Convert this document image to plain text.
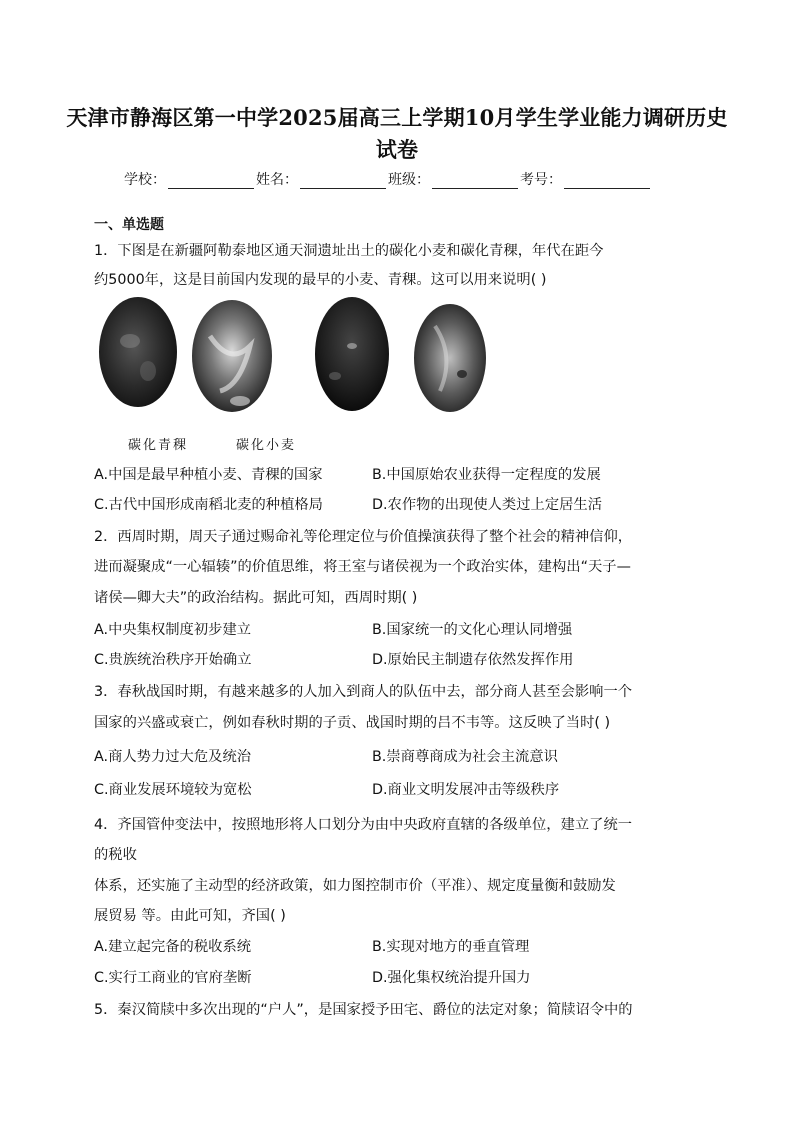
天津市静海区第一中学2025届高三上学期10月学生学业能力调研历史
试卷
学校：	姓名：	班级：	考号：
一、单选题
1．下图是在新疆阿勒泰地区通天洞遗址出土的碳化小麦和碳化青稞，年代在距今
约5000年，这是目前国内发现的最早的小麦、青稞。这可以用来说明( )
碳化青稞	碳化小麦
A.中国是最早种植小麦、青稞的国家	B.中国原始农业获得一定程度的发展
C.古代中国形成南稻北麦的种植格局	D.农作物的出现使人类过上定居生活
2．西周时期，周天子通过赐命礼等伦理定位与价值操演获得了整个社会的精神信仰，
进而凝聚成“一心辐辏”的价值思维，将王室与诸侯视为一个政治实体，建构出“天子—
诸侯—卿大夫”的政治结构。据此可知，西周时期( )
A.中央集权制度初步建立	B.国家统一的文化心理认同增强
C.贵族统治秩序开始确立	D.原始民主制遗存依然发挥作用
3．春秋战国时期，有越来越多的人加入到商人的队伍中去，部分商人甚至会影响一个
国家的兴盛或衰亡，例如春秋时期的子贡、战国时期的吕不韦等。这反映了当时( )
A.商人势力过大危及统治	B.崇商尊商成为社会主流意识
C.商业发展环境较为宽松	D.商业文明发展冲击等级秩序
4．齐国管仲变法中，按照地形将人口划分为由中央政府直辖的各级单位，建立了统一
的税收
体系，还实施了主动型的经济政策，如力图控制市价（平准）、规定度量衡和鼓励发
展贸易 等。由此可知，齐国( )
A.建立起完备的税收系统	B.实现对地方的垂直管理
C.实行工商业的官府垄断	D.强化集权统治提升国力
5．秦汉简牍中多次出现的“户人”，是国家授予田宅、爵位的法定对象；简牍诏令中的
